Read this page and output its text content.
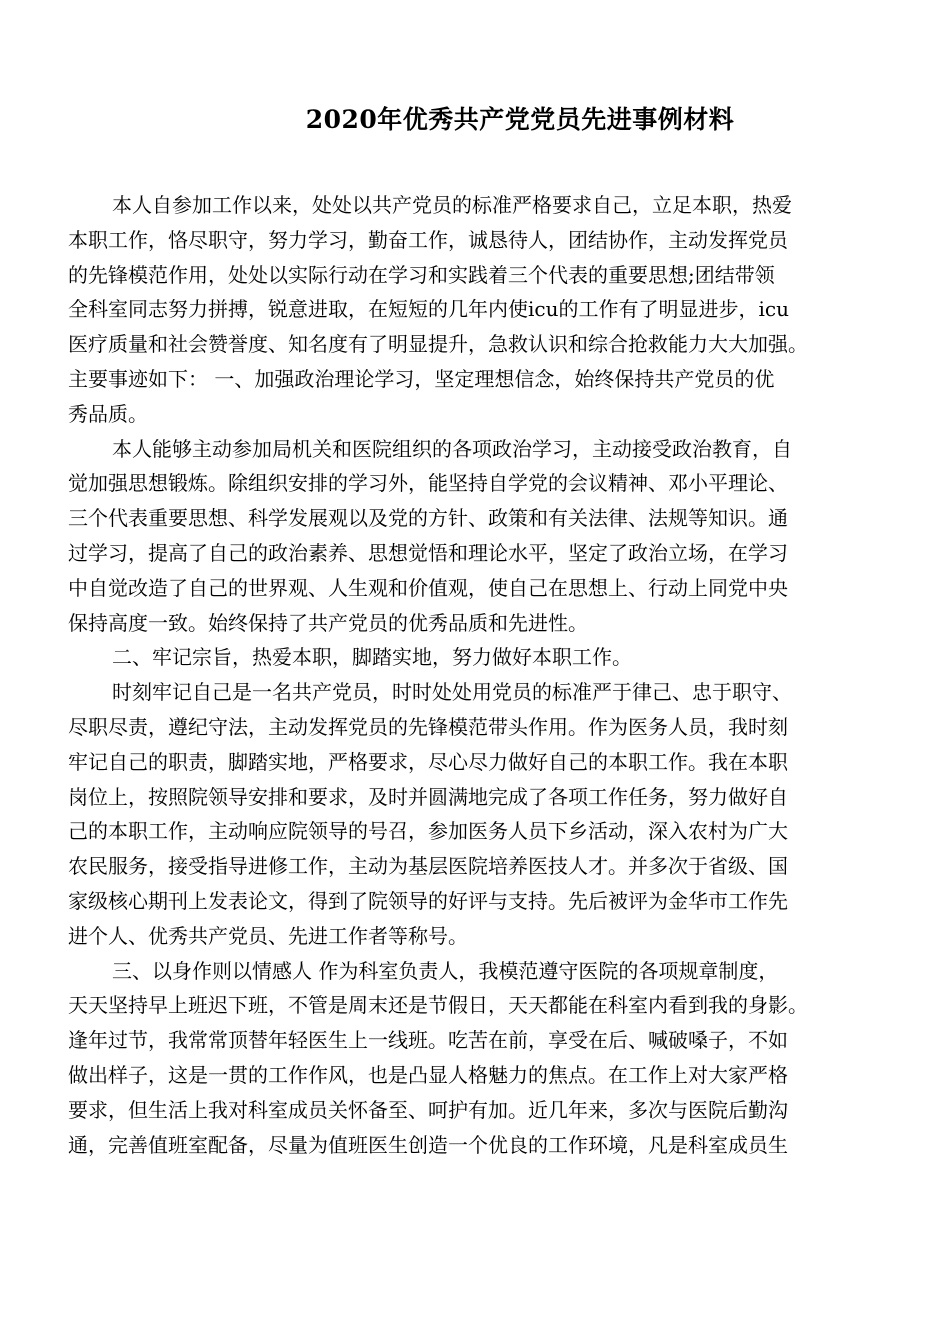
2020年优秀共产党党员先进事例材料

本人自参加工作以来，处处以共产党员的标准严格要求自己，立足本职，热爱
本职工作，恪尽职守，努力学习，勤奋工作，诚恳待人，团结协作，主动发挥党员
的先锋模范作用，处处以实际行动在学习和实践着三个代表的重要思想;团结带领
全科室同志努力拼搏，锐意进取，在短短的几年内使icu的工作有了明显进步，icu
医疗质量和社会赞誉度、知名度有了明显提升，急救认识和综合抢救能力大大加强。
主要事迹如下： 一、加强政治理论学习，坚定理想信念，始终保持共产党员的优
秀品质。

本人能够主动参加局机关和医院组织的各项政治学习，主动接受政治教育，自
觉加强思想锻炼。除组织安排的学习外，能坚持自学党的会议精神、邓小平理论、
三个代表重要思想、科学发展观以及党的方针、政策和有关法律、法规等知识。通
过学习，提高了自己的政治素养、思想觉悟和理论水平，坚定了政治立场，在学习
中自觉改造了自己的世界观、人生观和价值观，使自己在思想上、行动上同党中央
保持高度一致。始终保持了共产党员的优秀品质和先进性。

二、牢记宗旨，热爱本职，脚踏实地，努力做好本职工作。

时刻牢记自己是一名共产党员，时时处处用党员的标准严于律己、忠于职守、
尽职尽责，遵纪守法，主动发挥党员的先锋模范带头作用。作为医务人员，我时刻
牢记自己的职责，脚踏实地，严格要求，尽心尽力做好自己的本职工作。我在本职
岗位上，按照院领导安排和要求，及时并圆满地完成了各项工作任务，努力做好自
己的本职工作，主动响应院领导的号召，参加医务人员下乡活动，深入农村为广大
农民服务，接受指导进修工作，主动为基层医院培养医技人才。并多次于省级、国
家级核心期刊上发表论文，得到了院领导的好评与支持。先后被评为金华市工作先
进个人、优秀共产党员、先进工作者等称号。

三、以身作则以情感人 作为科室负责人，我模范遵守医院的各项规章制度，
天天坚持早上班迟下班，不管是周末还是节假日，天天都能在科室内看到我的身影。
逢年过节，我常常顶替年轻医生上一线班。吃苦在前，享受在后、喊破嗓子，不如
做出样子，这是一贯的工作作风，也是凸显人格魅力的焦点。在工作上对大家严格
要求，但生活上我对科室成员关怀备至、呵护有加。近几年来，多次与医院后勤沟
通，完善值班室配备，尽量为值班医生创造一个优良的工作环境，凡是科室成员生
